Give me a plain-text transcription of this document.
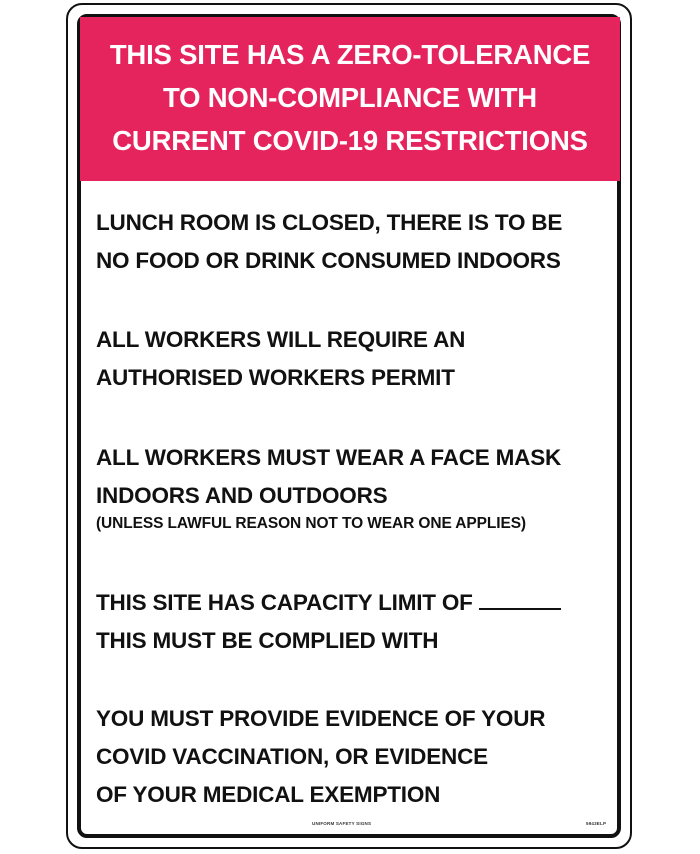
THIS SITE HAS A ZERO-TOLERANCE
TO NON-COMPLIANCE WITH
CURRENT COVID-19 RESTRICTIONS
LUNCH ROOM IS CLOSED, THERE IS TO BE
NO FOOD OR DRINK CONSUMED INDOORS
ALL WORKERS WILL REQUIRE AN
AUTHORISED WORKERS PERMIT
ALL WORKERS MUST WEAR A FACE MASK
INDOORS AND OUTDOORS
(UNLESS LAWFUL REASON NOT TO WEAR ONE APPLIES)
THIS SITE HAS CAPACITY LIMIT OF
THIS MUST BE COMPLIED WITH
YOU MUST PROVIDE EVIDENCE OF YOUR
COVID VACCINATION, OR EVIDENCE
OF YOUR MEDICAL EXEMPTION
UNIFORM SAFETY SIGNS	5943ELP
